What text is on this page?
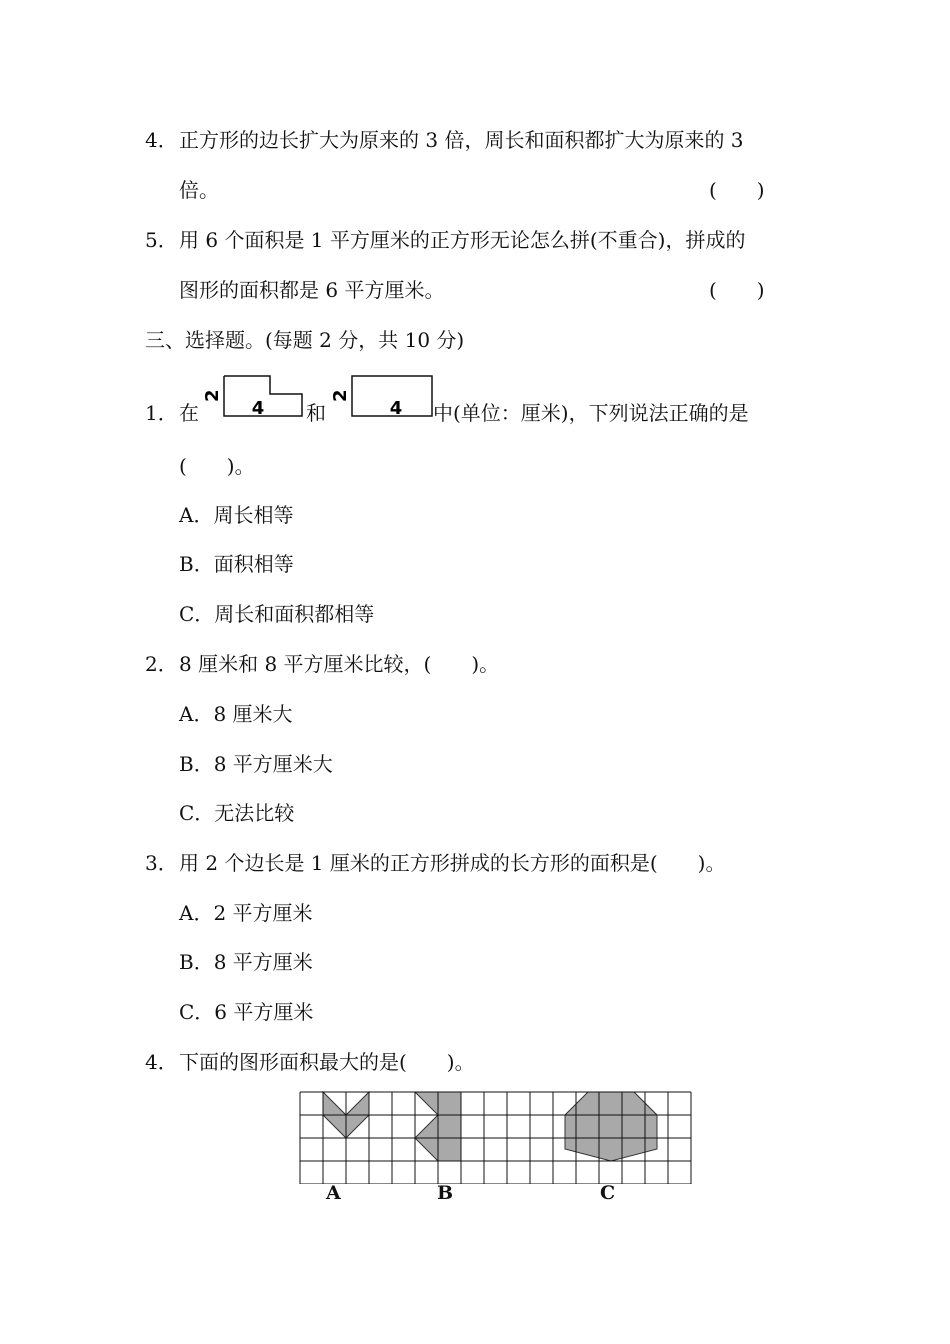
4．正方形的边长扩大为原来的 3 倍，周长和面积都扩大为原来的 3
倍。	(　　)
5．用 6 个面积是 1 平方厘米的正方形无论怎么拼(不重合)，拼成的
图形的面积都是 6 平方厘米。	(　　)
三、选择题。(每题 2 分，共 10 分)
1． 在
2
4 和
2
4 中(单位：厘米)，下列说法正确的是
(　　)。
A．周长相等
B．面积相等
C．周长和面积都相等
2．8 厘米和 8 平方厘米比较，(　　)。
A．8 厘米大
B．8 平方厘米大
C．无法比较
3．用 2 个边长是 1 厘米的正方形拼成的长方形的面积是(　　)。
A．2 平方厘米
B．8 平方厘米
C．6 平方厘米
4．下面的图形面积最大的是(　　)。
A	B	C
